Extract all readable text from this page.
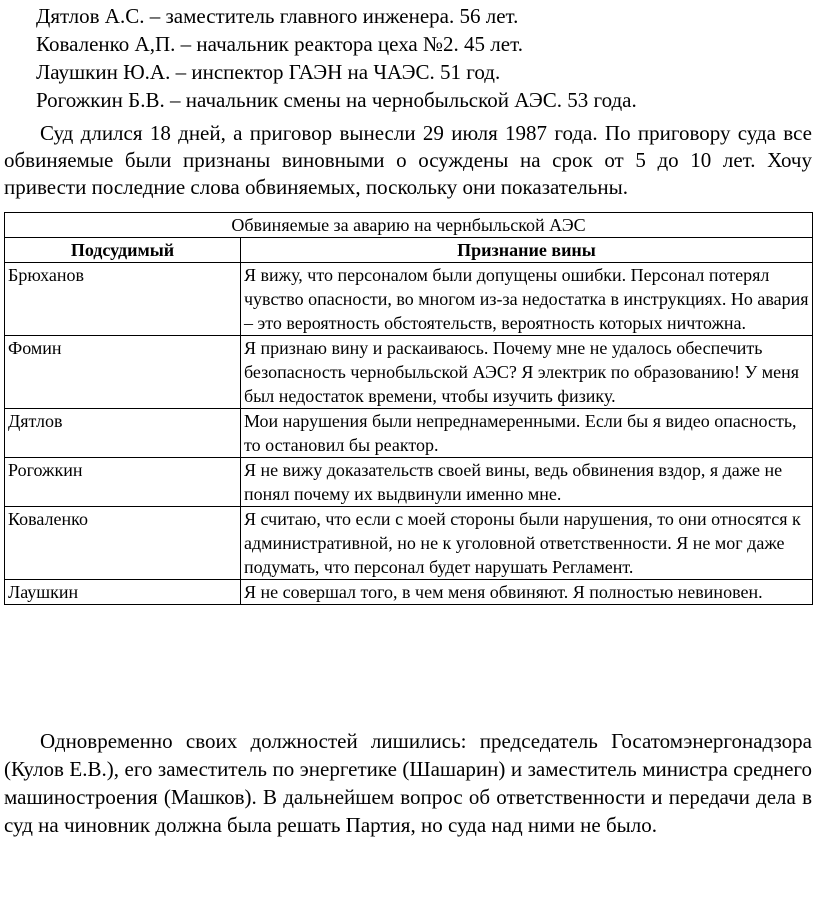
Дятлов А.С. – заместитель главного инженера. 56 лет.
Коваленко А,П. – начальник реактора цеха №2. 45 лет.
Лаушкин Ю.А. – инспектор ГАЭН на ЧАЭС. 51 год.
Рогожкин Б.В. – начальник смены на чернобыльской АЭС. 53 года.

Суд длился 18 дней, а приговор вынесли 29 июля 1987 года. По приговору суда все обвиняемые были признаны виновными о осуждены на срок от 5 до 10 лет. Хочу привести последние слова обвиняемых, поскольку они показательны.

Обвиняемые за аварию на чернбыльской АЭС	
Подсудимый	Признание вины
Брюханов	Я вижу, что персоналом были допущены ошибки. Персонал потерял чувство опасности, во многом из-за недостатка в инструкциях. Но авария – это вероятность обстоятельств, вероятность которых ничтожна.
Фомин	Я признаю вину и раскаиваюсь. Почему мне не удалось обеспечить безопасность чернобыльской АЭС? Я электрик по образованию! У меня был недостаток времени, чтобы изучить физику.
Дятлов	Мои нарушения были непреднамеренными. Если бы я видео опасность, то остановил бы реактор.
Рогожкин	Я не вижу доказательств своей вины, ведь обвинения вздор, я даже не понял почему их выдвинули именно мне.
Коваленко	Я считаю, что если с моей стороны были нарушения, то они относятся к административной, но не к уголовной ответственности. Я не мог даже подумать, что персонал будет нарушать Регламент.
Лаушкин	Я не совершал того, в чем меня обвиняют. Я полностью невиновен.

Одновременно своих должностей лишились: председатель Госатомэнергонадзора (Кулов Е.В.), его заместитель по энергетике (Шашарин) и заместитель министра среднего машиностроения (Машков). В дальнейшем вопрос об ответственности и передачи дела в суд на чиновник должна была решать Партия, но суда над ними не было.
